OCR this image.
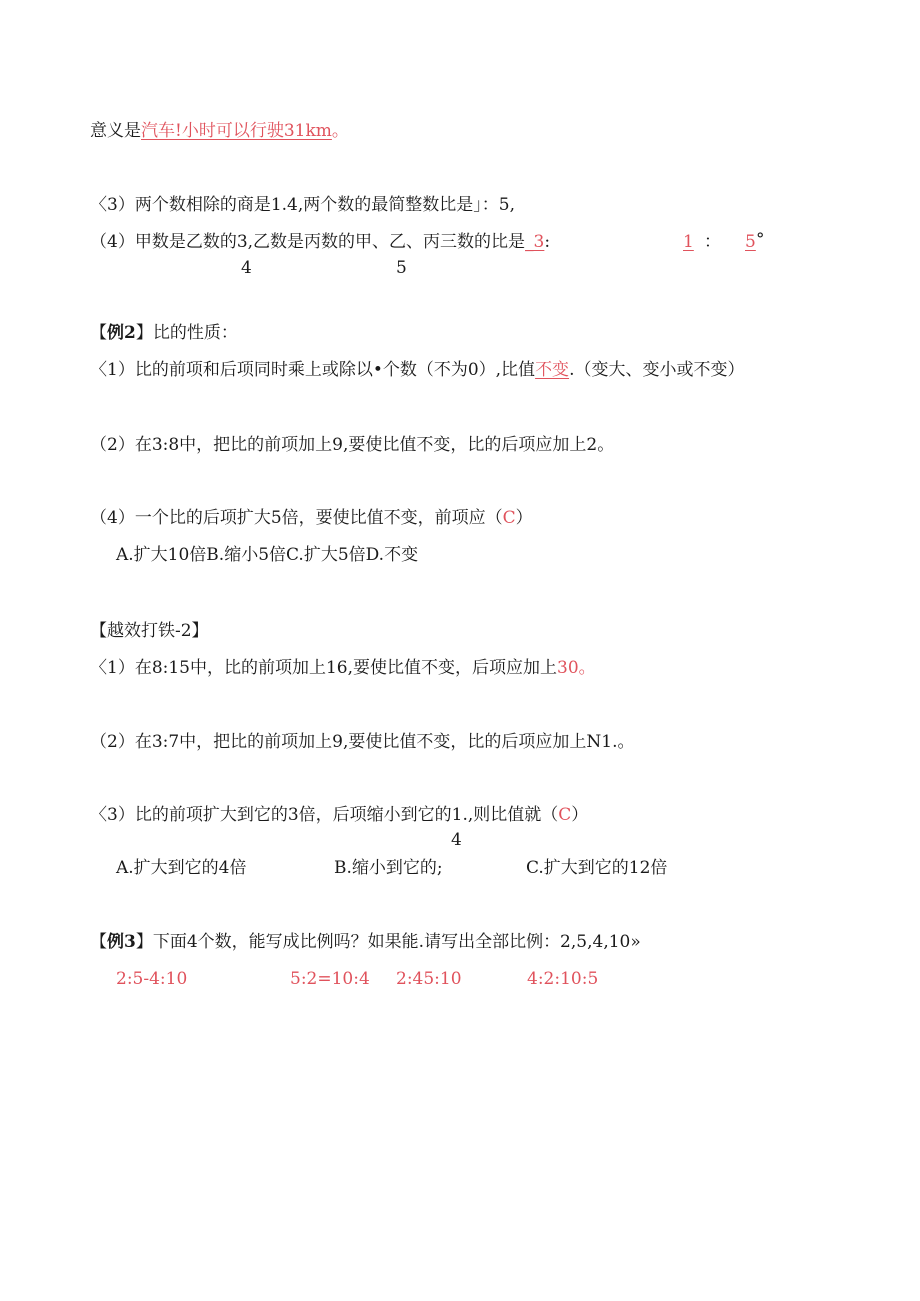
意义是汽车!小时可以行驶31km。
〈3）两个数相除的商是1.4,两个数的最简整数比是」：5,
（4）甲数是乙数的3,乙数是丙数的甲、乙、丙三数的比是_3:	1 ： 5 °
4	5
【例2】比的性质：
〈1）比的前项和后项同时乘上或除以•个数（不为0）,比值不变.（变大、变小或不变）
（2）在3:8中，把比的前项加上9,要使比值不变，比的后项应加上2。
（4）一个比的后项扩大5倍，要使比值不变，前项应（C）
A.扩大10倍B.缩小5倍C.扩大5倍D.不变
【越效打铁-2】
〈1）在8:15中，比的前项加上16,要使比值不变，后项应加上30。
（2）在3:7中，把比的前项加上9,要使比值不变，比的后项应加上N1.。
〈3）比的前项扩大到它的3倍，后项缩小到它的1.,则比值就（C）
4
A.扩大到它的4倍	B.缩小到它的;	C.扩大到它的12倍
【例3】下面4个数，能写成比例吗？如果能.请写出全部比例：2,5,4,10»
2:5-4:10	5:2=10:4 2:45:10	4:2:10:5
